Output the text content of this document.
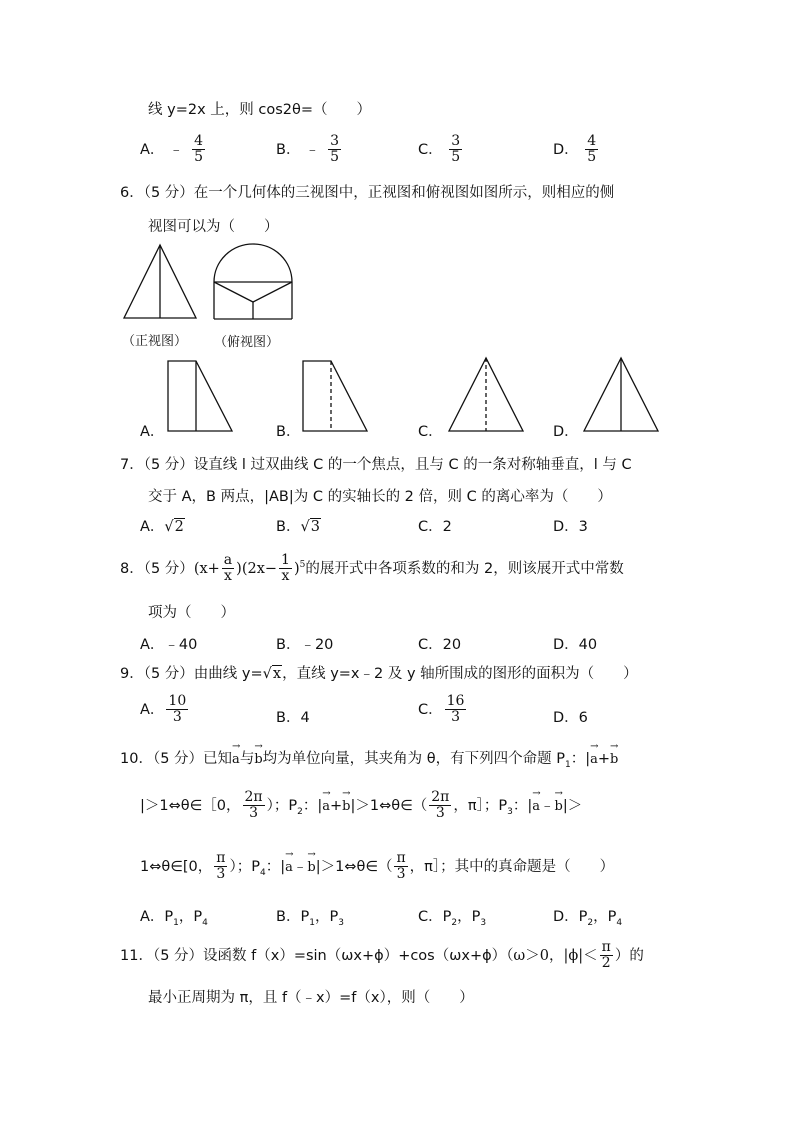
线 y=2x 上，则 cos2θ=（　　）
A． ﹣ $\frac{4}{5}$	B． ﹣ $\frac{3}{5}$	C． $\frac{3}{5}$	D． $\frac{4}{5}$
6．（5 分）在一个几何体的三视图中，正视图和俯视图如图所示，则相应的侧
视图可以为（　　）
（正视图） （俯视图）
A．	B．	C．	D．
7．（5 分）设直线 l 过双曲线 C 的一个焦点，且与 C 的一条对称轴垂直，l 与 C
交于 A，B 两点，|AB|为 C 的实轴长的 2 倍，则 C 的离心率为（　　）
A．√2	B．√3	C．2	D．3
8．（5 分）$(x+ \frac{a}{x} )(2x- \frac{1}{x} )^5$的展开式中各项系数的和为 2，则该展开式中常数
项为（　　）
A．﹣40	B．﹣20	C．20	D．40
9．（5 分）由曲线 y=√x，直线 y=x﹣2 及 y 轴所围成的图形的面积为（　　）
A． $\frac{10}{3}$	B．4
C． $\frac{16}{3}$	D．6
10．（5 分）已知→ a与→ b均为单位向量，其夹角为 θ，有下列四个命题 $P_1$：|→ a+→ b
|＞1⇔θ∈［0， $\frac{2\pi}{3}$ ）；$P_2$：|→ a+→ b|＞1⇔θ∈（ $\frac{2\pi}{3}$ ，π］；$P_3$：|→ a﹣→ b|＞
1⇔θ∈[0， $\frac{\pi}{3}$ ）；$P_4$：|→ a﹣→ b|＞1⇔θ∈（ $\frac{\pi}{3}$ ，π］；其中的真命题是（　　）
A．$P_1$，$P_4$	B．$P_1$，$P_3$	C．$P_2$，$P_3$	D．$P_2$，$P_4$
11．（5 分）设函数 f（x）=sin（ωx+ϕ）+cos（ωx+ϕ）（ω＞0，$|\phi|< \frac{\pi}{2}$ ）的
最小正周期为 π，且 f（﹣x）=f（x），则（　　）
